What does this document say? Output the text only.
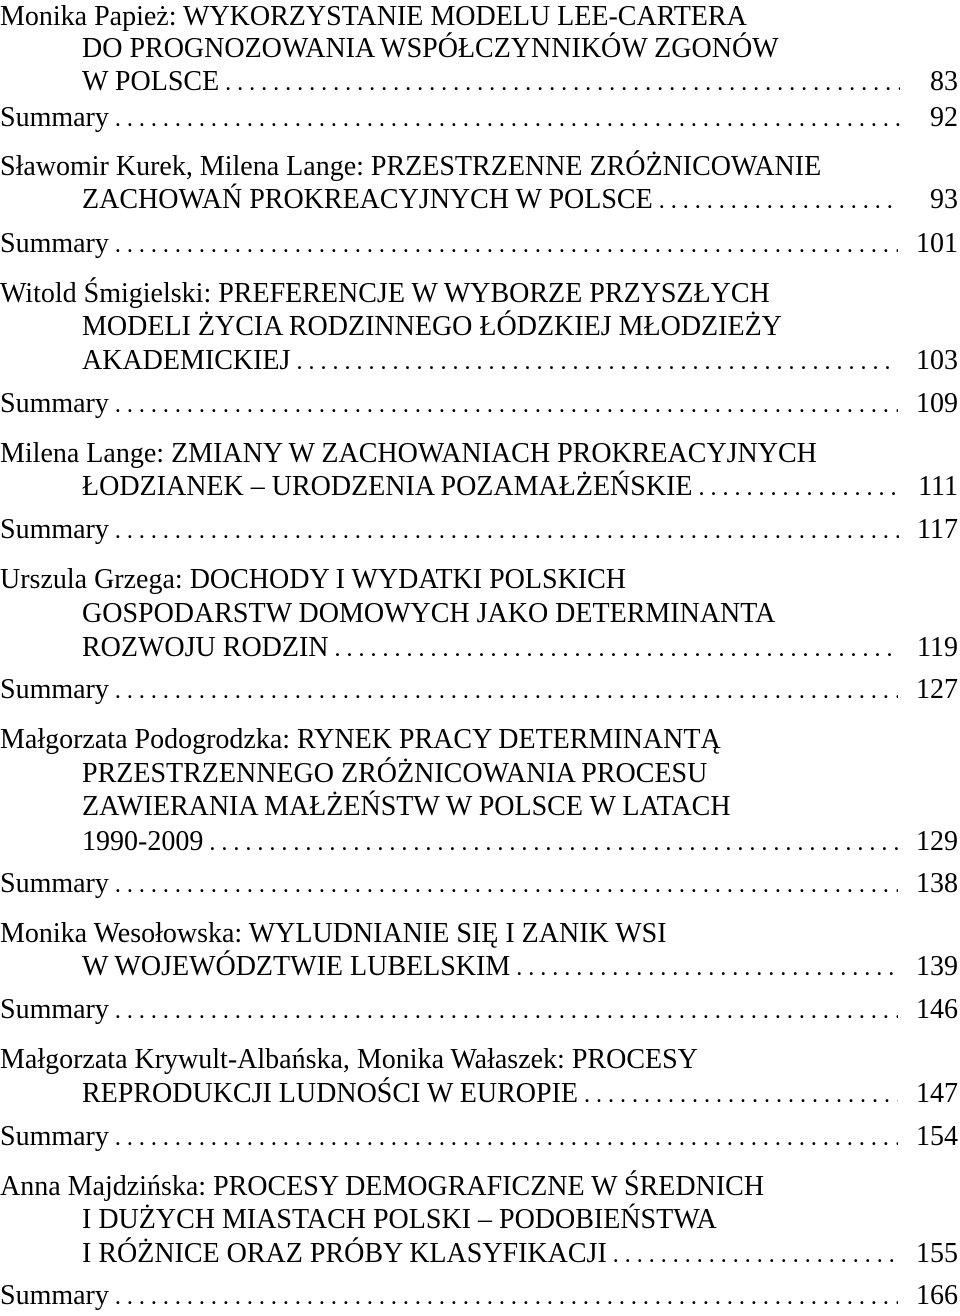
Monika Papież: WYKORZYSTANIE MODELU LEE-CARTERA
DO PROGNOZOWANIA WSPÓŁCZYNNIKÓW ZGONÓW
W POLSCE . . .	83
Summary . . .	92
Sławomir Kurek, Milena Lange: PRZESTRZENNE ZRÓŻNICOWANIE
ZACHOWAŃ PROKREACYJNYCH W POLSCE . . .	93
Summary . . .	101
Witold Śmigielski: PREFERENCJE W WYBORZE PRZYSZŁYCH
MODELI ŻYCIA RODZINNEGO ŁÓDZKIEJ MŁODZIEŻY
AKADEMICKIEJ . . .	103
Summary . . .	109
Milena Lange: ZMIANY W ZACHOWANIACH PROKREACYJNYCH
ŁODZIANEK – URODZENIA POZAMAŁŻEŃSKIE . . .	111
Summary . . .	117
Urszula Grzega: DOCHODY I WYDATKI POLSKICH
GOSPODARSTW DOMOWYCH JAKO DETERMINANTA
ROZWOJU RODZIN . . .	119
Summary . . .	127
Małgorzata Podogrodzka: RYNEK PRACY DETERMINANTĄ
PRZESTRZENNEGO ZRÓŻNICOWANIA PROCESU
ZAWIERANIA MAŁŻEŃSTW W POLSCE W LATACH
1990-2009 . . .	129
Summary . . .	138
Monika Wesołowska: WYLUDNIANIE SIĘ I ZANIK WSI
W WOJEWÓDZTWIE LUBELSKIM . . .	139
Summary . . .	146
Małgorzata Krywult-Albańska, Monika Wałaszek: PROCESY
REPRODUKCJI LUDNOŚCI W EUROPIE . . .	147
Summary . . .	154
Anna Majdzińska: PROCESY DEMOGRAFICZNE W ŚREDNICH
I DUŻYCH MIASTACH POLSKI – PODOBIEŃSTWA
I RÓŻNICE ORAZ PRÓBY KLASYFIKACJI . . .	155
Summary . . .	166
